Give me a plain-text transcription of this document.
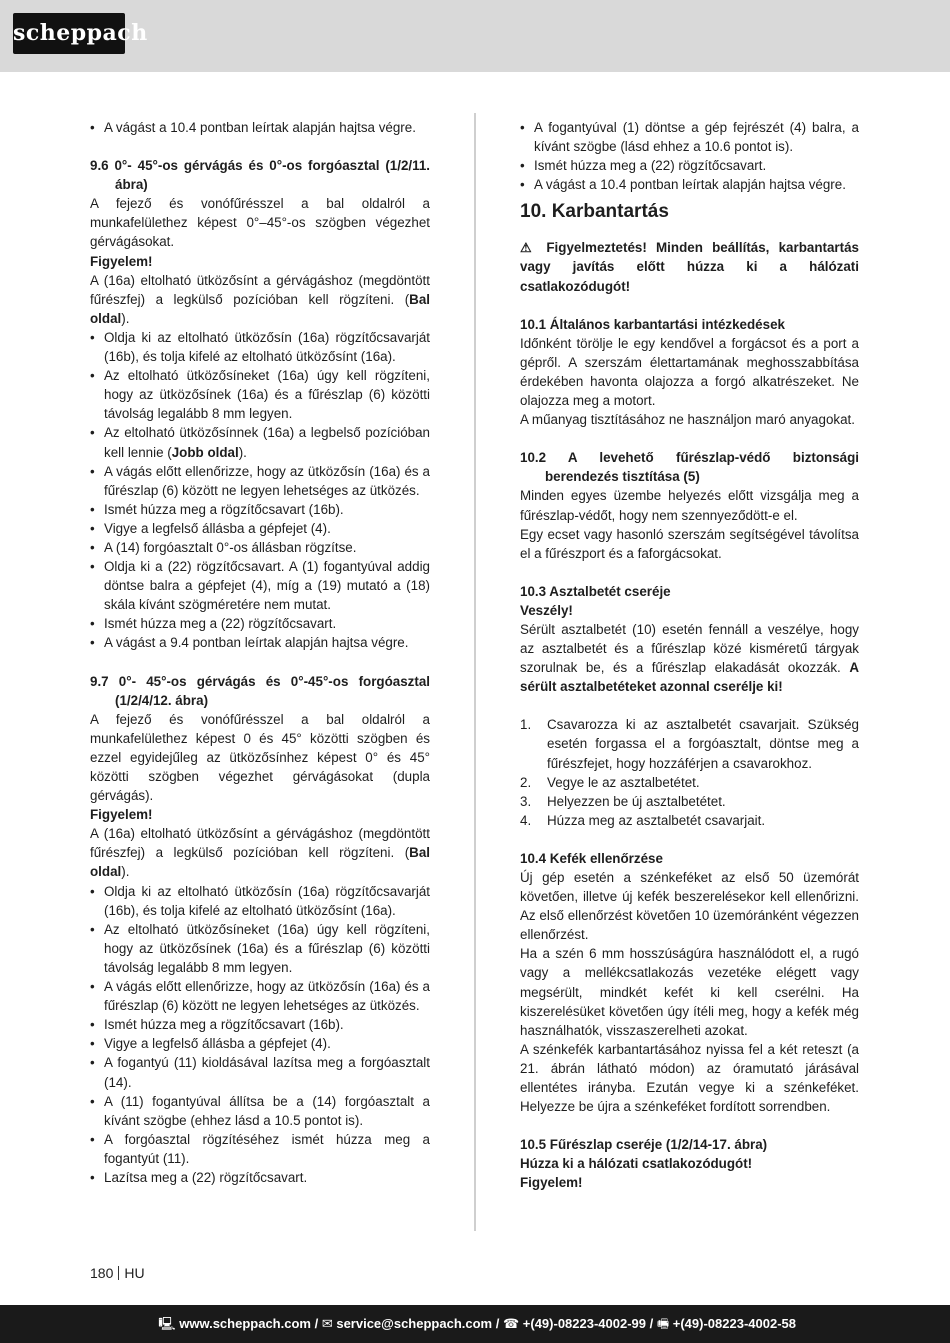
scheppach
• A vágást a 10.4 pontban leírtak alapján hajtsa végre.

9.6 0°- 45°-os gérvágás és 0°-os forgóasztal (1/2/11. ábra)

A fejező és vonófűrésszel a bal oldalról a munkafelülethez képest 0°–45°-os szögben végezhet gérvágásokat.

Figyelem!

A (16a) eltolható ütközősínt a gérvágáshoz (megdöntött fűrészfej) a legkülső pozícióban kell rögzíteni. (Bal oldal).

• Oldja ki az eltolható ütközősín (16a) rögzítőcsavarját (16b), és tolja kifelé az eltolható ütközősínt (16a).
• Az eltolható ütközősíneket (16a) úgy kell rögzíteni, hogy az ütközősínek (16a) és a fűrészlap (6) közötti távolság legalább 8 mm legyen.
• Az eltolható ütközősínnek (16a) a legbelső pozícióban kell lennie (Jobb oldal).
• A vágás előtt ellenőrizze, hogy az ütközősín (16a) és a fűrészlap (6) között ne legyen lehetséges az ütközés.
• Ismét húzza meg a rögzítőcsavart (16b).
• Vigye a legfelső állásba a gépfejet (4).
• A (14) forgóasztalt 0°-os állásban rögzítse.
• Oldja ki a (22) rögzítőcsavart. A (1) fogantyúval addig döntse balra a gépfejet (4), míg a (19) mutató a (18) skála kívánt szögméretére nem mutat.
• Ismét húzza meg a (22) rögzítőcsavart.
• A vágást a 9.4 pontban leírtak alapján hajtsa végre.

9.7 0°- 45°-os gérvágás és 0°-45°-os forgóasztal (1/2/4/12. ábra)

A fejező és vonófűrésszel a bal oldalról a munkafelülethez képest 0 és 45° közötti szögben és ezzel egyidejűleg az ütközősínhez képest 0° és 45° közötti szögben végezhet gérvágásokat (dupla gérvágás).

Figyelem!

A (16a) eltolható ütközősínt a gérvágáshoz (megdöntött fűrészfej) a legkülső pozícióban kell rögzíteni. (Bal oldal).

• Oldja ki az eltolható ütközősín (16a) rögzítőcsavarját (16b), és tolja kifelé az eltolható ütközősínt (16a).
• Az eltolható ütközősíneket (16a) úgy kell rögzíteni, hogy az ütközősínek (16a) és a fűrészlap (6) közötti távolság legalább 8 mm legyen.
• A vágás előtt ellenőrizze, hogy az ütközősín (16a) és a fűrészlap (6) között ne legyen lehetséges az ütközés.
• Ismét húzza meg a rögzítőcsavart (16b).
• Vigye a legfelső állásba a gépfejet (4).
• A fogantyú (11) kioldásával lazítsa meg a forgóasztalt (14).
• A (11) fogantyúval állítsa be a (14) forgóasztalt a kívánt szögbe (ehhez lásd a 10.5 pontot is).
• A forgóasztal rögzítéséhez ismét húzza meg a fogantyút (11).
• Lazítsa meg a (22) rögzítőcsavart.
• A fogantyúval (1) döntse a gép fejrészét (4) balra, a kívánt szögbe (lásd ehhez a 10.6 pontot is).
• Ismét húzza meg a (22) rögzítőcsavart.
• A vágást a 10.4 pontban leírtak alapján hajtsa végre.
10. Karbantartás

⚠ Figyelmeztetés! Minden beállítás, karbantartás vagy javítás előtt húzza ki a hálózati csatlakozódugót!

10.1 Általános karbantartási intézkedések

Időnként törölje le egy kendővel a forgácsot és a port a gépről. A szerszám élettartamának meghosszabbítása érdekében havonta olajozza a forgó alkatrészeket. Ne olajozza meg a motort.

A műanyag tisztításához ne használjon maró anyagokat.

10.2 A levehető fűrészlap-védő biztonsági berendezés tisztítása (5)

Minden egyes üzembe helyezés előtt vizsgálja meg a fűrészlap-védőt, hogy nem szennyeződött-e el.

Egy ecset vagy hasonló szerszám segítségével távolítsa el a fűrészport és a faforgácsokat.

10.3 Asztalbetét cseréje

Veszély!

Sérült asztalbetét (10) esetén fennáll a veszélye, hogy az asztalbetét és a fűrészlap közé kisméretű tárgyak szorulnak be, és a fűrészlap elakadását okozzák. A sérült asztalbetéteket azonnal cserélje ki!

1. Csavarozza ki az asztalbetét csavarjait. Szükség esetén forgassa el a forgóasztalt, döntse meg a fűrészfejet, hogy hozzáférjen a csavarokhoz.
2. Vegye le az asztalbetétet.
3. Helyezzen be új asztalbetétet.
4. Húzza meg az asztalbetét csavarjait.

10.4 Kefék ellenőrzése

Új gép esetén a szénkeféket az első 50 üzemórát követően, illetve új kefék beszerelésekor kell ellenőrizni. Az első ellenőrzést követően 10 üzemóránként végezzen ellenőrzést.

Ha a szén 6 mm hosszúságúra használódott el, a rugó vagy a mellékcsatlakozás vezetéke elégett vagy megsérült, mindkét kefét ki kell cserélni. Ha kiszerelésüket követően úgy ítéli meg, hogy a kefék még használhatók, visszaszerelheti azokat.

A szénkefék karbantartásához nyissa fel a két reteszt (a 21. ábrán látható módon) az óramutató járásával ellentétes irányba. Ezután vegye ki a szénkeféket. Helyezze be újra a szénkeféket fordított sorrendben.

10.5 Fűrészlap cseréje (1/2/14-17. ábra)

Húzza ki a hálózati csatlakozódugót!

Figyelem!

180 HU
🖳 www.scheppach.com / ✉ service@scheppach.com / ☎ +(49)-08223-4002-99 / 🖷 +(49)-08223-4002-58
